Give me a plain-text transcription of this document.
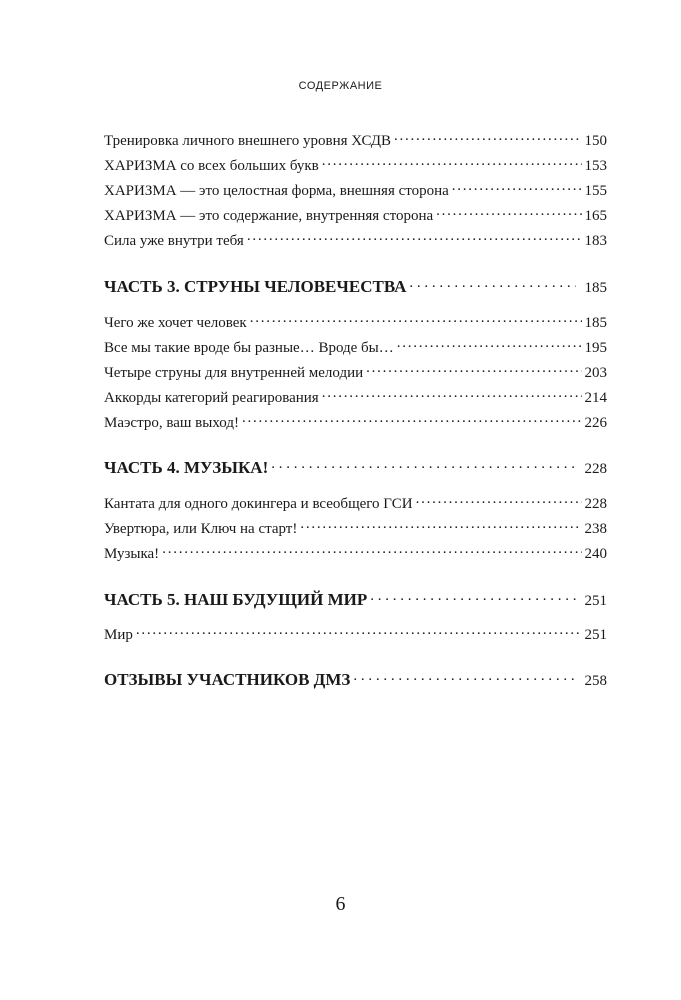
СОДЕРЖАНИЕ
Тренировка личного внешнего уровня ХСДВ . . .	150
ХАРИЗМА со всех больших букв . . .	153
ХАРИЗМА — это целостная форма, внешняя сторона . . .	155
ХАРИЗМА — это содержание, внутренняя сторона . . .	165
Сила уже внутри тебя . . .	183
ЧАСТЬ 3. СТРУНЫ ЧЕЛОВЕЧЕСТВА . . .	185
Чего же хочет человек . . .	185
Все мы такие вроде бы разные… Вроде бы… . . .	195
Четыре струны для внутренней мелодии . . .	203
Аккорды категорий реагирования . . .	214
Маэстро, ваш выход! . . .	226
ЧАСТЬ 4. МУЗЫКА! . . .	228
Кантата для одного докингера и всеобщего ГСИ . . .	228
Увертюра, или Ключ на старт! . . .	238
Музыка! . . .	240
ЧАСТЬ 5. НАШ БУДУЩИЙ МИР . . .	251
Мир . . .	251
ОТЗЫВЫ УЧАСТНИКОВ ДМЗ . . .	258
6
